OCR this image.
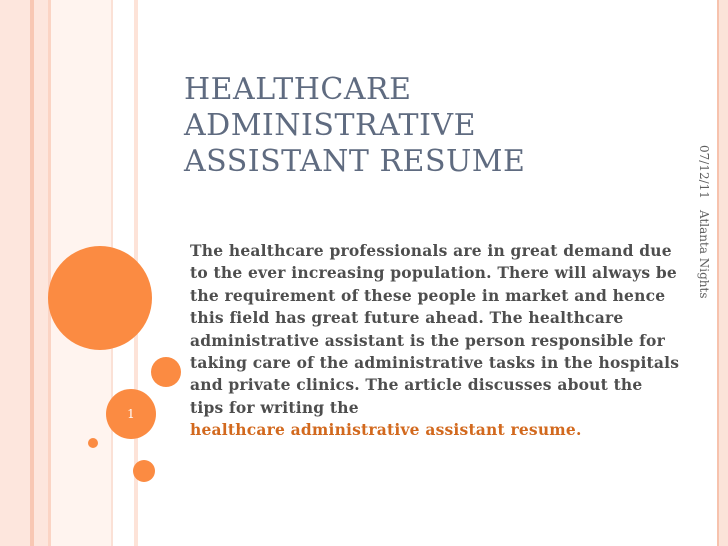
1
HEALTHCARE
ADMINISTRATIVE
ASSISTANT RESUME

The healthcare professionals are in great demand due to the ever increasing population. There will always be the requirement of these people in market and hence this field has great future ahead. The healthcare administrative assistant is the person responsible for taking care of the administrative tasks in the hospitals and private clinics. The article discusses about the tips for writing the
healthcare administrative assistant resume.

07/12/11
Atlanta Nights
